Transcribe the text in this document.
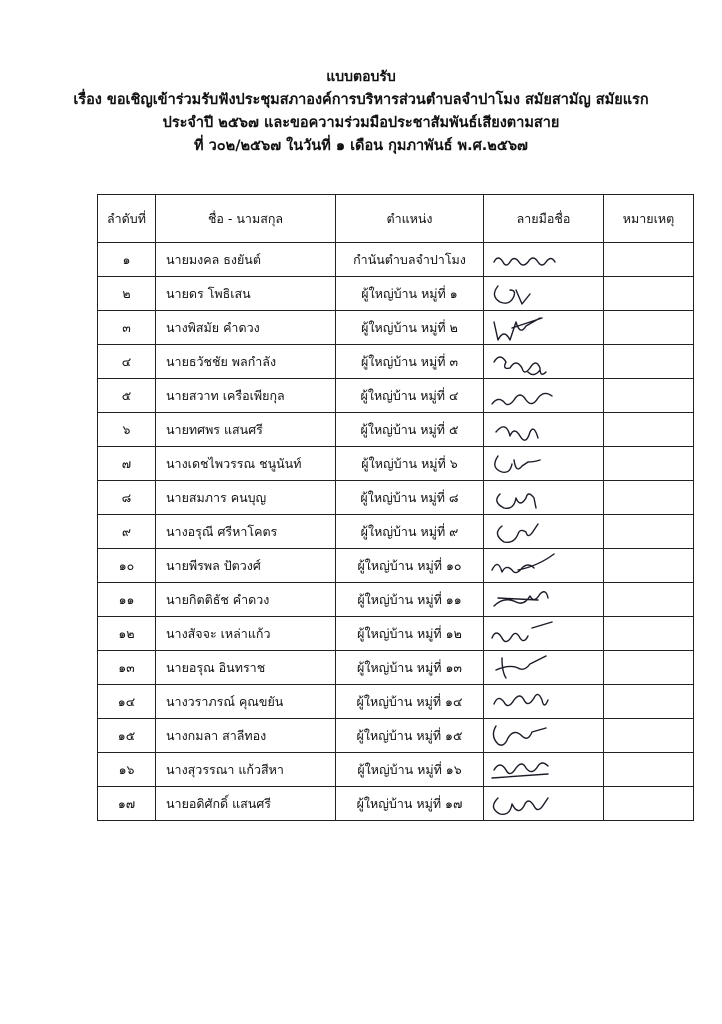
แบบตอบรับ
เรื่อง ขอเชิญเข้าร่วมรับฟังประชุมสภาองค์การบริหารส่วนตำบลจำปาโมง สมัยสามัญ สมัยแรก
ประจำปี ๒๕๖๗ และขอความร่วมมือประชาสัมพันธ์เสียงตามสาย
ที่ ว๐๒/๒๕๖๗ ในวันที่ ๑ เดือน กุมภาพันธ์ พ.ศ.๒๕๖๗
ลำดับที่	ชื่อ - นามสกุล	ตำแหน่ง	ลายมือชื่อ	หมายเหตุ
๑	นายมงคล ธงยันต์	กำนันตำบลจำปาโมง	

๒	นายดร โพธิเสน	ผู้ใหญ่บ้าน หมู่ที่ ๑	

๓	นางพิสมัย คำดวง	ผู้ใหญ่บ้าน หมู่ที่ ๒	

๔	นายธวัชชัย พลกำลัง	ผู้ใหญ่บ้าน หมู่ที่ ๓	

๕	นายสวาท เครือเพียกุล	ผู้ใหญ่บ้าน หมู่ที่ ๔	

๖	นายทศพร แสนศรี	ผู้ใหญ่บ้าน หมู่ที่ ๕	

๗	นางเดชไพวรรณ ชนูนันท์	ผู้ใหญ่บ้าน หมู่ที่ ๖	

๘	นายสมภาร คนบุญ	ผู้ใหญ่บ้าน หมู่ที่ ๘	

๙	นางอรุณี ศรีหาโคตร	ผู้ใหญ่บ้าน หมู่ที่ ๙	

๑๐	นายพีรพล ปัตวงศ์	ผู้ใหญ่บ้าน หมู่ที่ ๑๐	

๑๑	นายกิตติธัช คำดวง	ผู้ใหญ่บ้าน หมู่ที่ ๑๑	

๑๒	นางสัจจะ เหล่าแก้ว	ผู้ใหญ่บ้าน หมู่ที่ ๑๒	

๑๓	นายอรุณ อินทราช	ผู้ใหญ่บ้าน หมู่ที่ ๑๓	

๑๔	นางวราภรณ์ คุณขยัน	ผู้ใหญ่บ้าน หมู่ที่ ๑๔	

๑๕	นางกมลา สาลีทอง	ผู้ใหญ่บ้าน หมู่ที่ ๑๕	

๑๖	นางสุวรรณา แก้วสีหา	ผู้ใหญ่บ้าน หมู่ที่ ๑๖	

๑๗	นายอดิศักดิ์ แสนศรี	ผู้ใหญ่บ้าน หมู่ที่ ๑๗	
